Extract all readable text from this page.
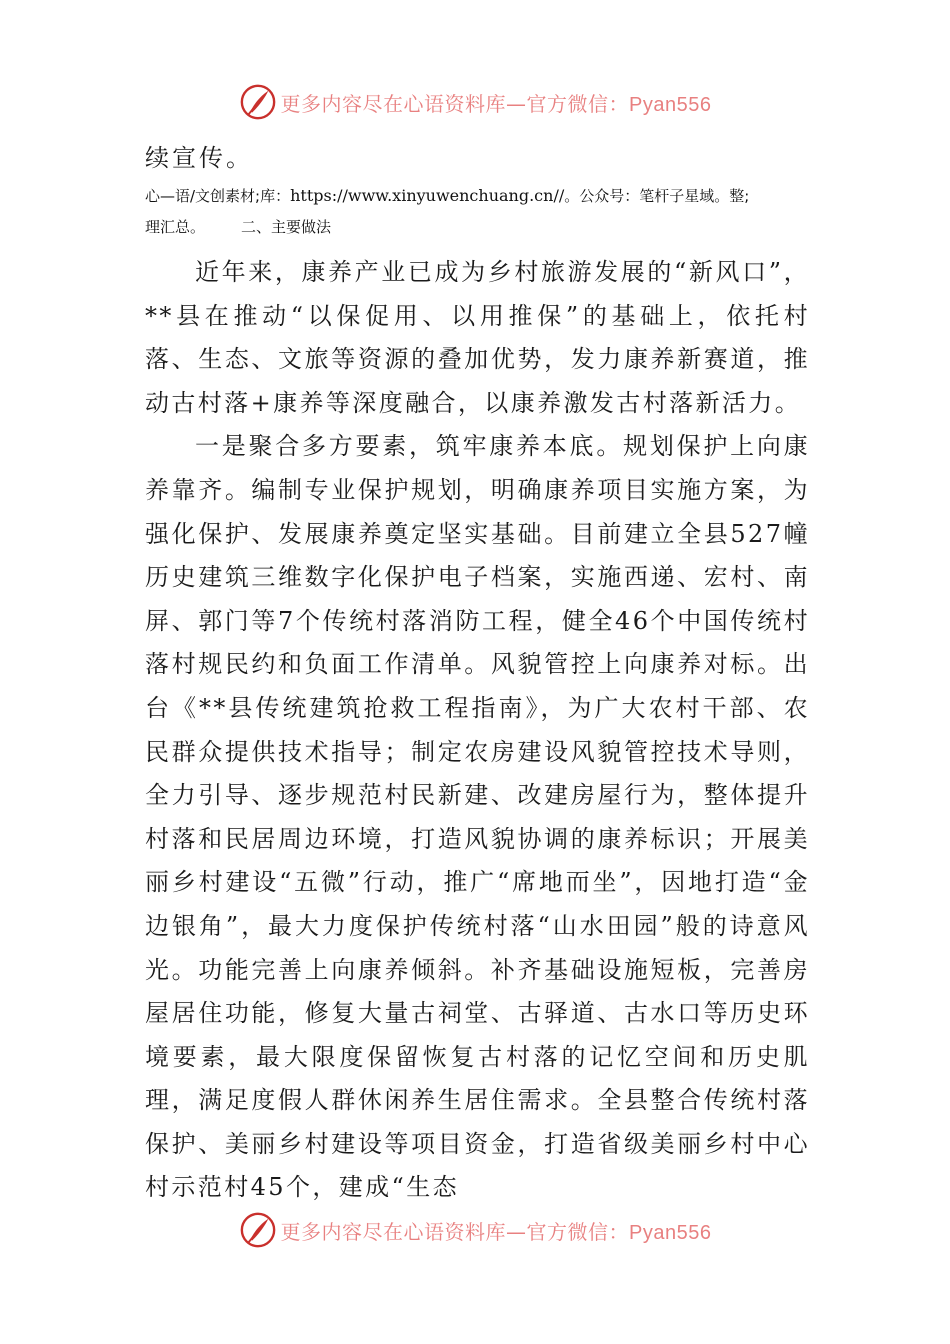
更多内容尽在心语资料库—官方微信：Pyan556
续宣传。
心—语/文创素材;库：https://www.xinyuwenchuang.cn//。公众号：笔杆子星域。整;
理汇总。 二、主要做法

近年来，康养产业已成为乡村旅游发展的“新风口”，**县在推动“以保促用、以用推保”的基础上，依托村落、生态、文旅等资源的叠加优势，发力康养新赛道，推动古村落+康养等深度融合，以康养激发古村落新活力。

一是聚合多方要素，筑牢康养本底。规划保护上向康养靠齐。编制专业保护规划，明确康养项目实施方案，为强化保护、发展康养奠定坚实基础。目前建立全县527幢历史建筑三维数字化保护电子档案，实施西递、宏村、南屏、郭门等7个传统村落消防工程，健全46个中国传统村落村规民约和负面工作清单。风貌管控上向康养对标。出台《**县传统建筑抢救工程指南》，为广大农村干部、农民群众提供技术指导；制定农房建设风貌管控技术导则，全力引导、逐步规范村民新建、改建房屋行为，整体提升村落和民居周边环境，打造风貌协调的康养标识；开展美丽乡村建设“五微”行动，推广“席地而坐”，因地打造“金边银角”，最大力度保护传统村落“山水田园”般的诗意风光。功能完善上向康养倾斜。补齐基础设施短板，完善房屋居住功能，修复大量古祠堂、古驿道、古水口等历史环境要素，最大限度保留恢复古村落的记忆空间和历史肌理，满足度假人群休闲养生居住需求。全县整合传统村落保护、美丽乡村建设等项目资金，打造省级美丽乡村中心村示范村45个，建成“生态

更多内容尽在心语资料库—官方微信：Pyan556
